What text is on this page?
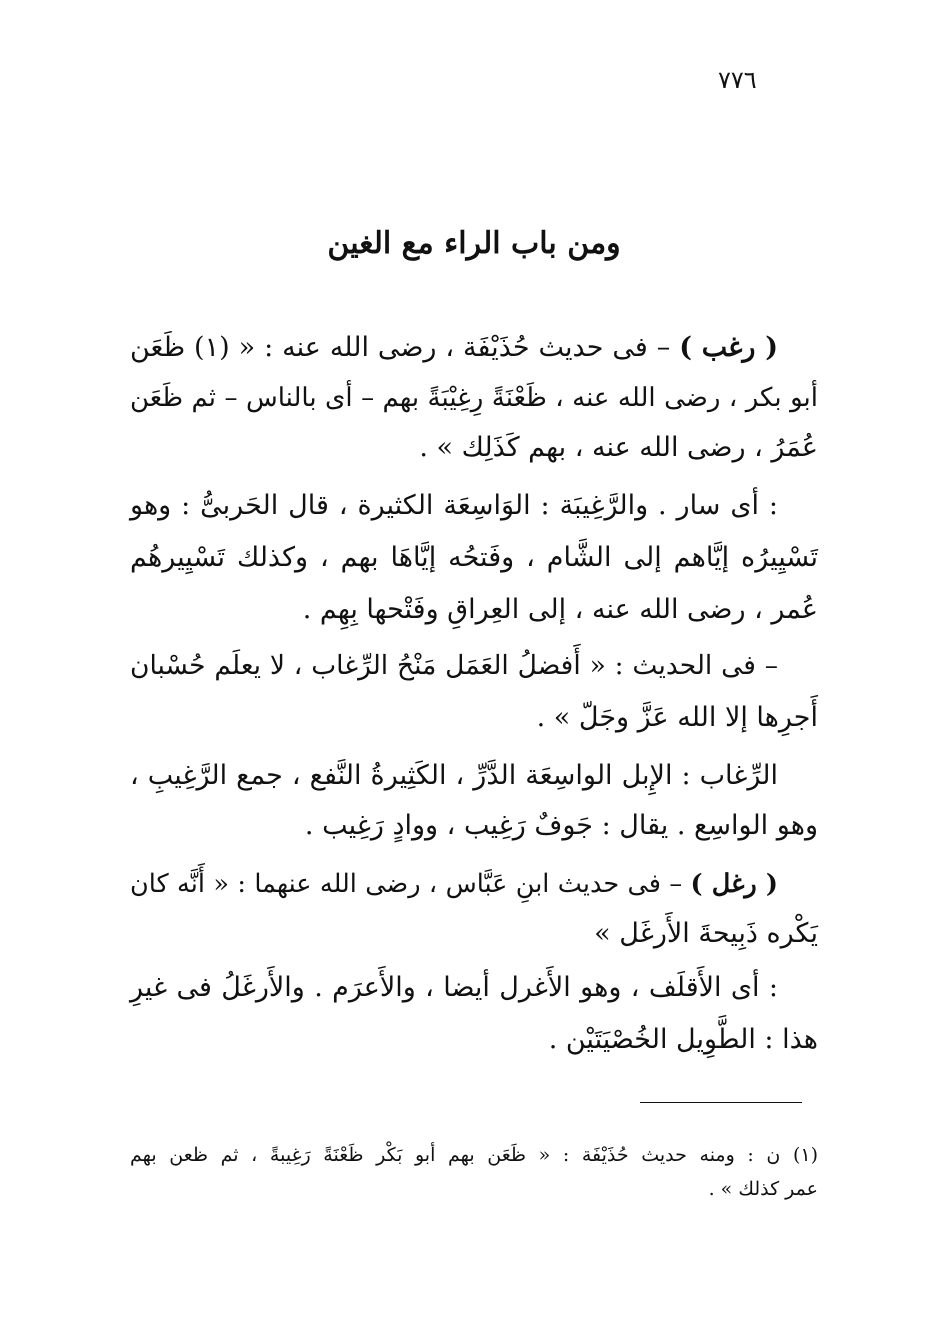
٧٧٦
ومن باب الراء مع الغين
( رغب ) – فى حديث حُذَيْفَة ، رضى الله عنه : « (١) ظَعَن
أبو بكر ، رضى الله عنه ، ظَعْنَةً رِغِيْبَةً بهم – أى بالناس – ثم ظَعَن
عُمَرُ ، رضى الله عنه ، بهم كَذَلِك » .
: أى سار . والرَّغِيبَة : الوَاسِعَة الكثيرة ، قال الحَربىُّ : وهو
تَسْيِيرُه إيَّاهم إلى الشَّام ، وفَتحُه إيَّاهَا بهم ، وكذلك تَسْيِيرهُم
عُمر ، رضى الله عنه ، إلى العِراقِ وفَتْحها بِهِم .
– فى الحديث : « أَفضلُ العَمَل مَنْحُ الرِّغاب ، لا يعلَم حُسْبان
أَجرِها إلا الله عَزَّ وجَلّ » .
الرِّغاب : الإِبل الواسِعَة الدَّرِّ ، الكَثِيرةُ النَّفع ، جمع الرَّغِيبِ ،
وهو الواسِع . يقال : جَوفٌ رَغِيب ، ووادٍ رَغِيب .
( رغل ) – فى حديث ابنِ عَبَّاس ، رضى الله عنهما : « أَنَّه كان
يَكْره ذَبِيحةَ الأَرغَل »
: أى الأَقلَف ، وهو الأَغرل أيضا ، والأَعرَم . والأَرغَلُ فى غيرِ
هذا : الطَّوِيل الخُصْيَتَيْن .
(١) ن : ومنه حديث حُذَيْفَة : « ظَعَن بهم أبو بَكْر ظَعْنَةً رَغِيبةً ، ثم ظعن بهم
عمر كذلك » .
